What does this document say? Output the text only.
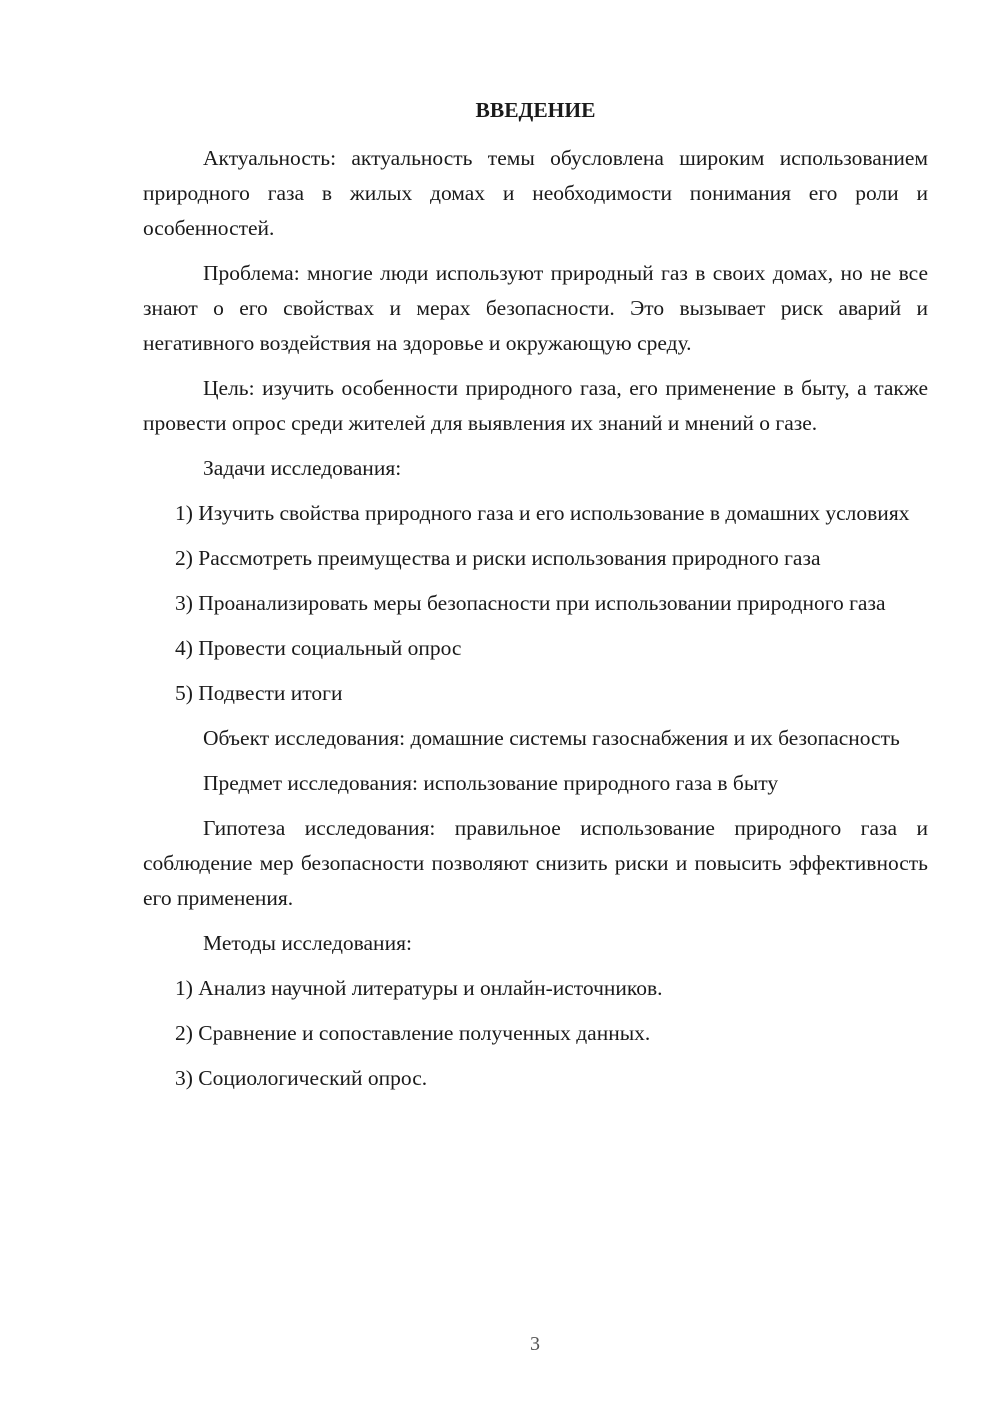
ВВЕДЕНИЕ

Актуальность: актуальность темы обусловлена широким использованием природного газа в жилых домах и необходимости понимания его роли и особенностей.

Проблема: многие люди используют природный газ в своих домах, но не все знают о его свойствах и мерах безопасности. Это вызывает риск аварий и негативного воздействия на здоровье и окружающую среду.

Цель: изучить особенности природного газа, его применение в быту, а также провести опрос среди жителей для выявления их знаний и мнений о газе.

Задачи исследования:

1) Изучить свойства природного газа и его использование в домашних условиях

2) Рассмотреть преимущества и риски использования природного газа

3) Проанализировать меры безопасности при использовании природного газа

4) Провести социальный опрос

5) Подвести итоги

Объект исследования: домашние системы газоснабжения и их безопасность

Предмет исследования: использование природного газа в быту

Гипотеза исследования: правильное использование природного газа и соблюдение мер безопасности позволяют снизить риски и повысить эффективность его применения.

Методы исследования:

1) Анализ научной литературы и онлайн-источников.

2) Сравнение и сопоставление полученных данных.

3) Социологический опрос.

3
